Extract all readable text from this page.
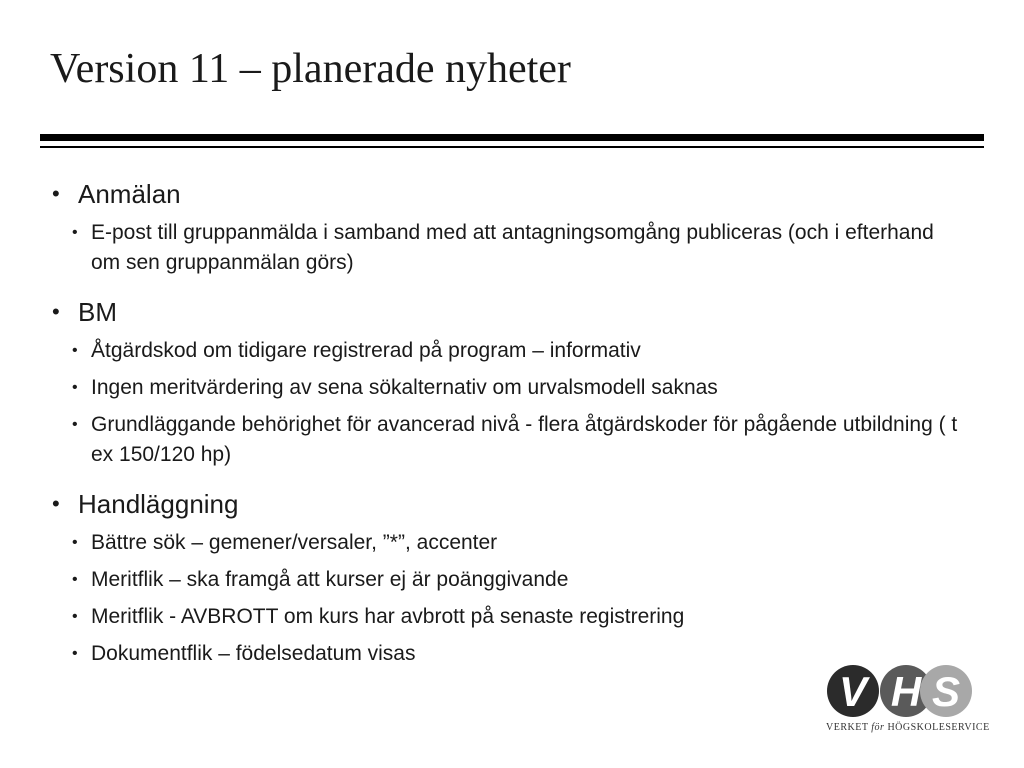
Version 11 – planerade nyheter
• Anmälan
• E-post till gruppanmälda i samband med att antagningsomgång publiceras (och i efterhand om sen gruppanmälan görs)
• BM
• Åtgärdskod om tidigare registrerad på program – informativ
• Ingen meritvärdering av sena sökalternativ om urvalsmodell saknas
• Grundläggande behörighet för avancerad nivå - flera åtgärdskoder för pågående utbildning ( t ex 150/120 hp)
• Handläggning
• Bättre sök – gemener/versaler, ”*”, accenter
• Meritflik – ska framgå att kurser ej är poänggivande
• Meritflik - AVBROTT om kurs har avbrott på senaste registrering
• Dokumentflik – födelsedatum visas
V H S
VERKET för HÖGSKOLESERVICE
